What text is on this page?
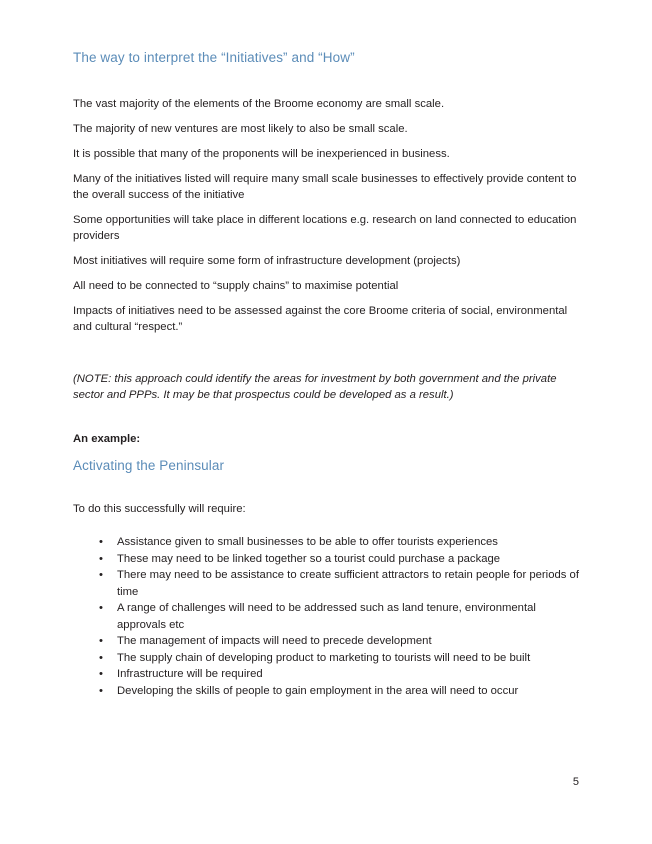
The way to interpret the “Initiatives” and “How”

The vast majority of the elements of the Broome economy are small scale.

The majority of new ventures are most likely to also be small scale.

It is possible that many of the proponents will be inexperienced in business.

Many of the initiatives listed will require many small scale businesses to effectively provide content to the overall success of the initiative

Some opportunities will take place in different locations e.g. research on land connected to education providers

Most initiatives will require some form of infrastructure development (projects)

All need to be connected to “supply chains” to maximise potential

Impacts of initiatives need to be assessed against the core Broome criteria of social, environmental and cultural “respect.”

(NOTE: this approach could identify the areas for investment by both government and the private sector and PPPs. It may be that prospectus could be developed as a result.)

An example:

Activating the Peninsular

To do this successfully will require:

• Assistance given to small businesses to be able to offer tourists experiences
• These may need to be linked together so a tourist could purchase a package
• There may need to be assistance to create sufficient attractors to retain people for periods of time
• A range of challenges will need to be addressed such as land tenure, environmental approvals etc
• The management of impacts will need to precede development
• The supply chain of developing product to marketing to tourists will need to be built
• Infrastructure will be required
• Developing the skills of people to gain employment in the area will need to occur
5
